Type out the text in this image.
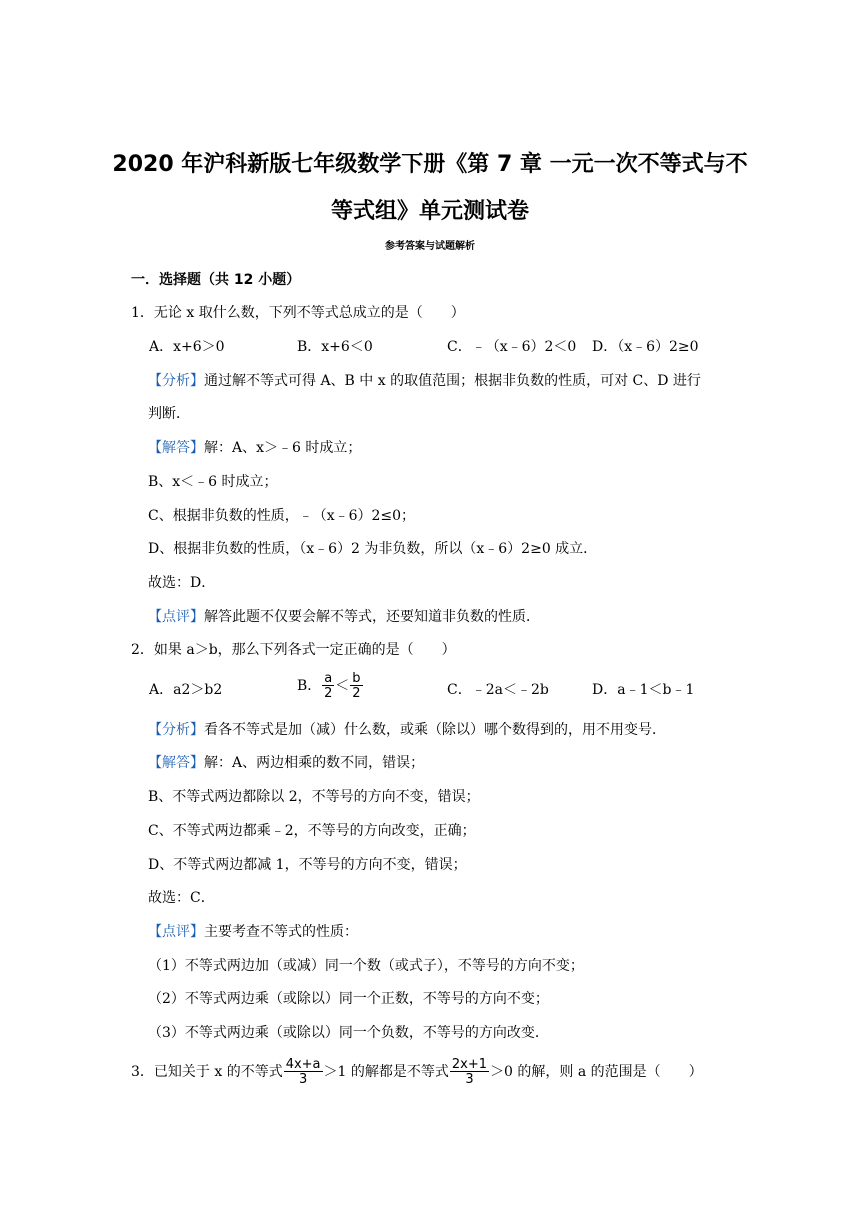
2020 年沪科新版七年级数学下册《第 7 章 一元一次不等式与不
等式组》单元测试卷
参考答案与试题解析
一．选择题（共 12 小题）
1．无论 x 取什么数，下列不等式总成立的是（　　）
A．x+6＞0	B．x+6＜0	C．﹣（x﹣6）2＜0 D．（x﹣6）2≥0
【分析】通过解不等式可得 A、B 中 x 的取值范围；根据非负数的性质，可对 C、D 进行
判断．
【解答】解：A、x＞﹣6 时成立；
B、x＜﹣6 时成立；
C、根据非负数的性质，﹣（x﹣6）2≤0；
D、根据非负数的性质，（x﹣6）2 为非负数，所以（x﹣6）2≥0 成立．
故选：D．
【点评】解答此题不仅要会解不等式，还要知道非负数的性质．
2．如果 a＞b，那么下列各式一定正确的是（　　）
A．a2＞b2	B． $\frac{a}{2} < \frac{b}{2}$	C．﹣2a＜﹣2b	D．a﹣1＜b﹣1
【分析】看各不等式是加（减）什么数，或乘（除以）哪个数得到的，用不用变号．
【解答】解：A、两边相乘的数不同，错误；
B、不等式两边都除以 2，不等号的方向不变，错误；
C、不等式两边都乘﹣2，不等号的方向改变，正确；
D、不等式两边都减 1，不等号的方向不变，错误；
故选：C．
【点评】主要考查不等式的性质：
（1）不等式两边加（或减）同一个数（或式子），不等号的方向不变；
（2）不等式两边乘（或除以）同一个正数，不等号的方向不变；
（3）不等式两边乘（或除以）同一个负数，不等号的方向改变．
3．已知关于 x 的不等式 $\frac{4x+a}{3} >1$ 的解都是不等式 $\frac{2x+1}{3} >0$ 的解，则 a 的范围是（　　）
